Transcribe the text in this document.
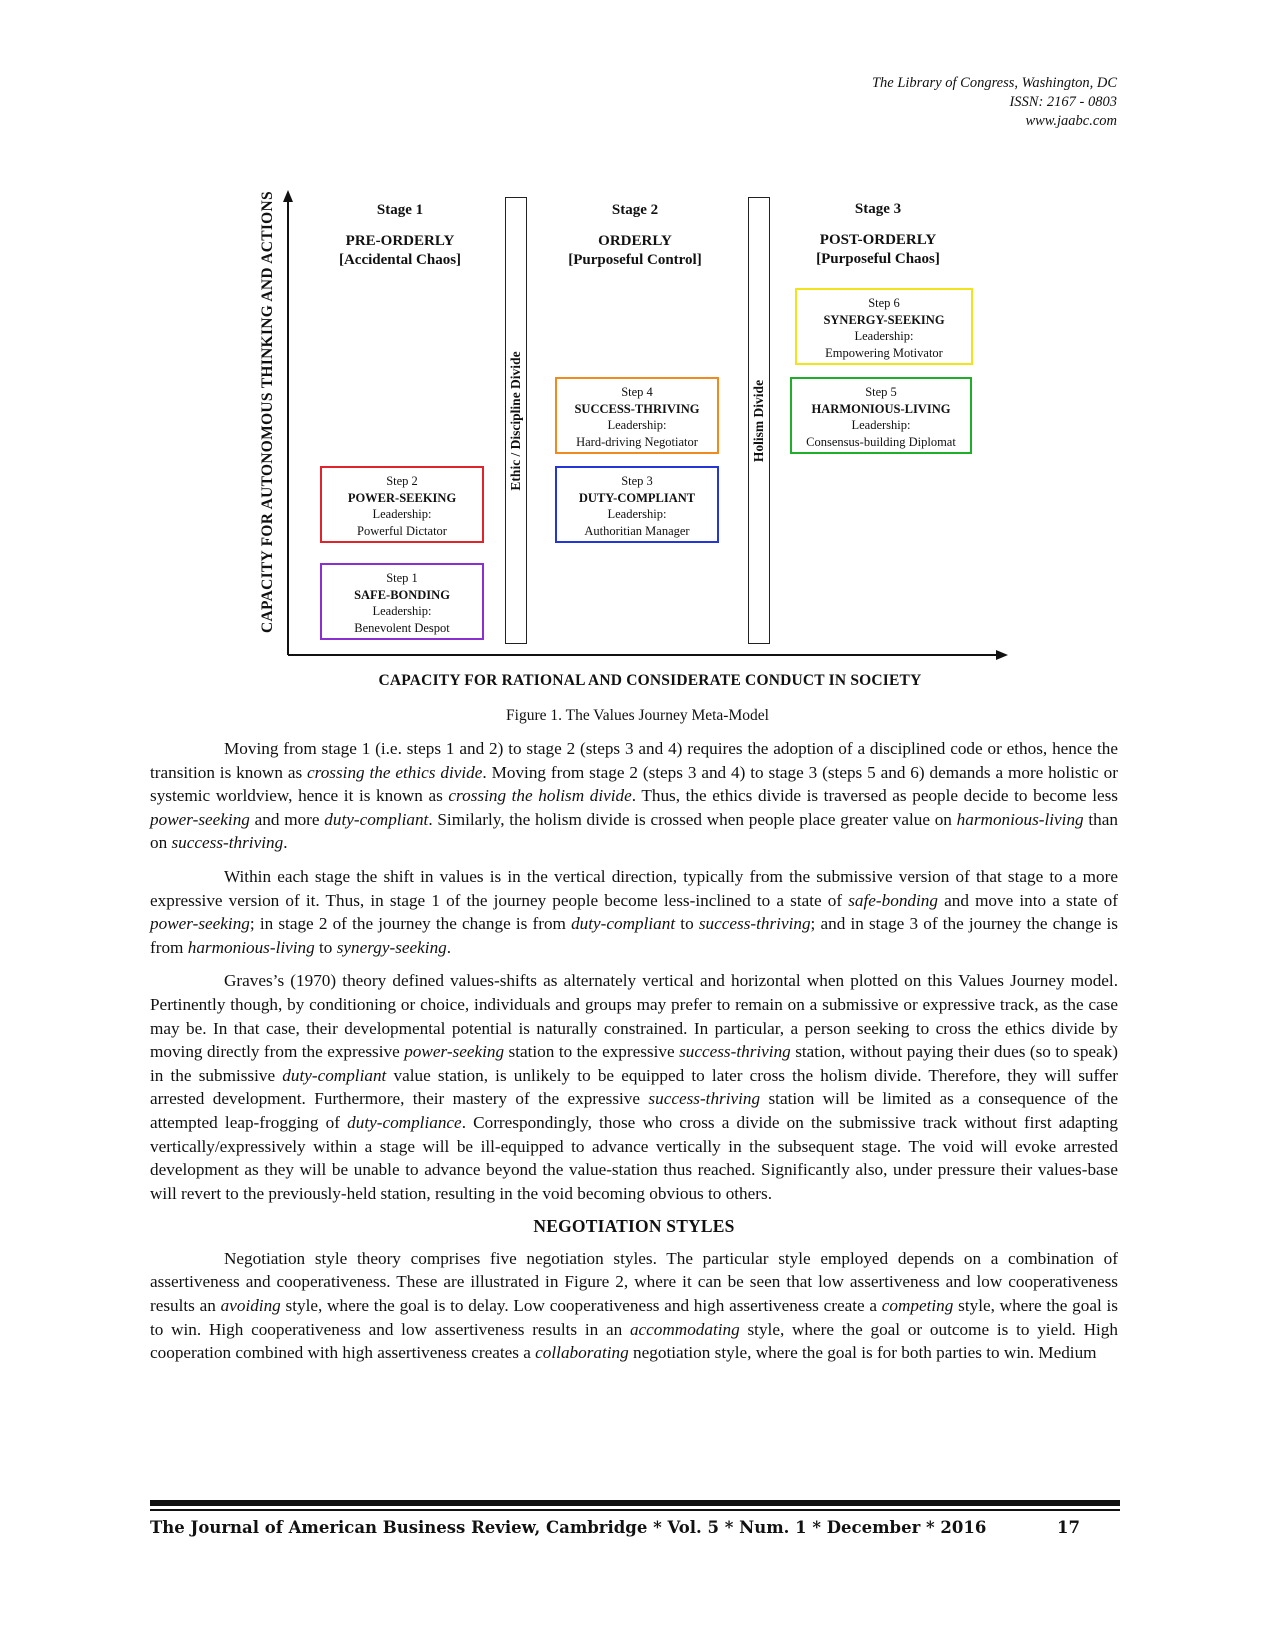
The Library of Congress, Washington, DC
ISSN: 2167 - 0803
www.jaabc.com
CAPACITY FOR AUTONOMOUS THINKING AND ACTIONS
CAPACITY FOR RATIONAL AND CONSIDERATE CONDUCT IN SOCIETY
Stage 1
PRE-ORDERLY
[Accidental Chaos]
Stage 2
ORDERLY
[Purposeful Control]
Stage 3
POST-ORDERLY
[Purposeful Chaos]
Ethic / Discipline Divide	Holism Divide
Step 1
SAFE-BONDING
Leadership:
Benevolent Despot
Step 2
POWER-SEEKING
Leadership:
Powerful Dictator
Step 3
DUTY-COMPLIANT
Leadership:
Authoritian Manager
Step 4
SUCCESS-THRIVING
Leadership:
Hard-driving Negotiator
Step 5
HARMONIOUS-LIVING
Leadership:
Consensus-building Diplomat
Step 6
SYNERGY-SEEKING
Leadership:
Empowering Motivator
Figure 1. The Values Journey Meta-Model

Moving from stage 1 (i.e. steps 1 and 2) to stage 2 (steps 3 and 4) requires the adoption of a disciplined code or ethos, hence the transition is known as crossing the ethics divide. Moving from stage 2 (steps 3 and 4) to stage 3 (steps 5 and 6) demands a more holistic or systemic worldview, hence it is known as crossing the holism divide. Thus, the ethics divide is traversed as people decide to become less power-seeking and more duty-compliant. Similarly, the holism divide is crossed when people place greater value on harmonious-living than on success-thriving.

Within each stage the shift in values is in the vertical direction, typically from the submissive version of that stage to a more expressive version of it. Thus, in stage 1 of the journey people become less-inclined to a state of safe-bonding and move into a state of power-seeking; in stage 2 of the journey the change is from duty-compliant to success-thriving; and in stage 3 of the journey the change is from harmonious-living to synergy-seeking.

Graves’s (1970) theory defined values-shifts as alternately vertical and horizontal when plotted on this Values Journey model. Pertinently though, by conditioning or choice, individuals and groups may prefer to remain on a submissive or expressive track, as the case may be. In that case, their developmental potential is naturally constrained. In particular, a person seeking to cross the ethics divide by moving directly from the expressive power-seeking station to the expressive success-thriving station, without paying their dues (so to speak) in the submissive duty-compliant value station, is unlikely to be equipped to later cross the holism divide. Therefore, they will suffer arrested development. Furthermore, their mastery of the expressive success-thriving station will be limited as a consequence of the attempted leap-frogging of duty-compliance. Correspondingly, those who cross a divide on the submissive track without first adapting vertically/expressively within a stage will be ill-equipped to advance vertically in the subsequent stage. The void will evoke arrested development as they will be unable to advance beyond the value-station thus reached. Significantly also, under pressure their values-base will revert to the previously-held station, resulting in the void becoming obvious to others.

NEGOTIATION STYLES

Negotiation style theory comprises five negotiation styles. The particular style employed depends on a combination of assertiveness and cooperativeness. These are illustrated in Figure 2, where it can be seen that low assertiveness and low cooperativeness results an avoiding style, where the goal is to delay. Low cooperativeness and high assertiveness create a competing style, where the goal is to win. High cooperativeness and low assertiveness results in an accommodating style, where the goal or outcome is to yield. High cooperation combined with high assertiveness creates a collaborating negotiation style, where the goal is for both parties to win. Medium

The Journal of American Business Review, Cambridge * Vol. 5 * Num. 1 * December * 2016	17
